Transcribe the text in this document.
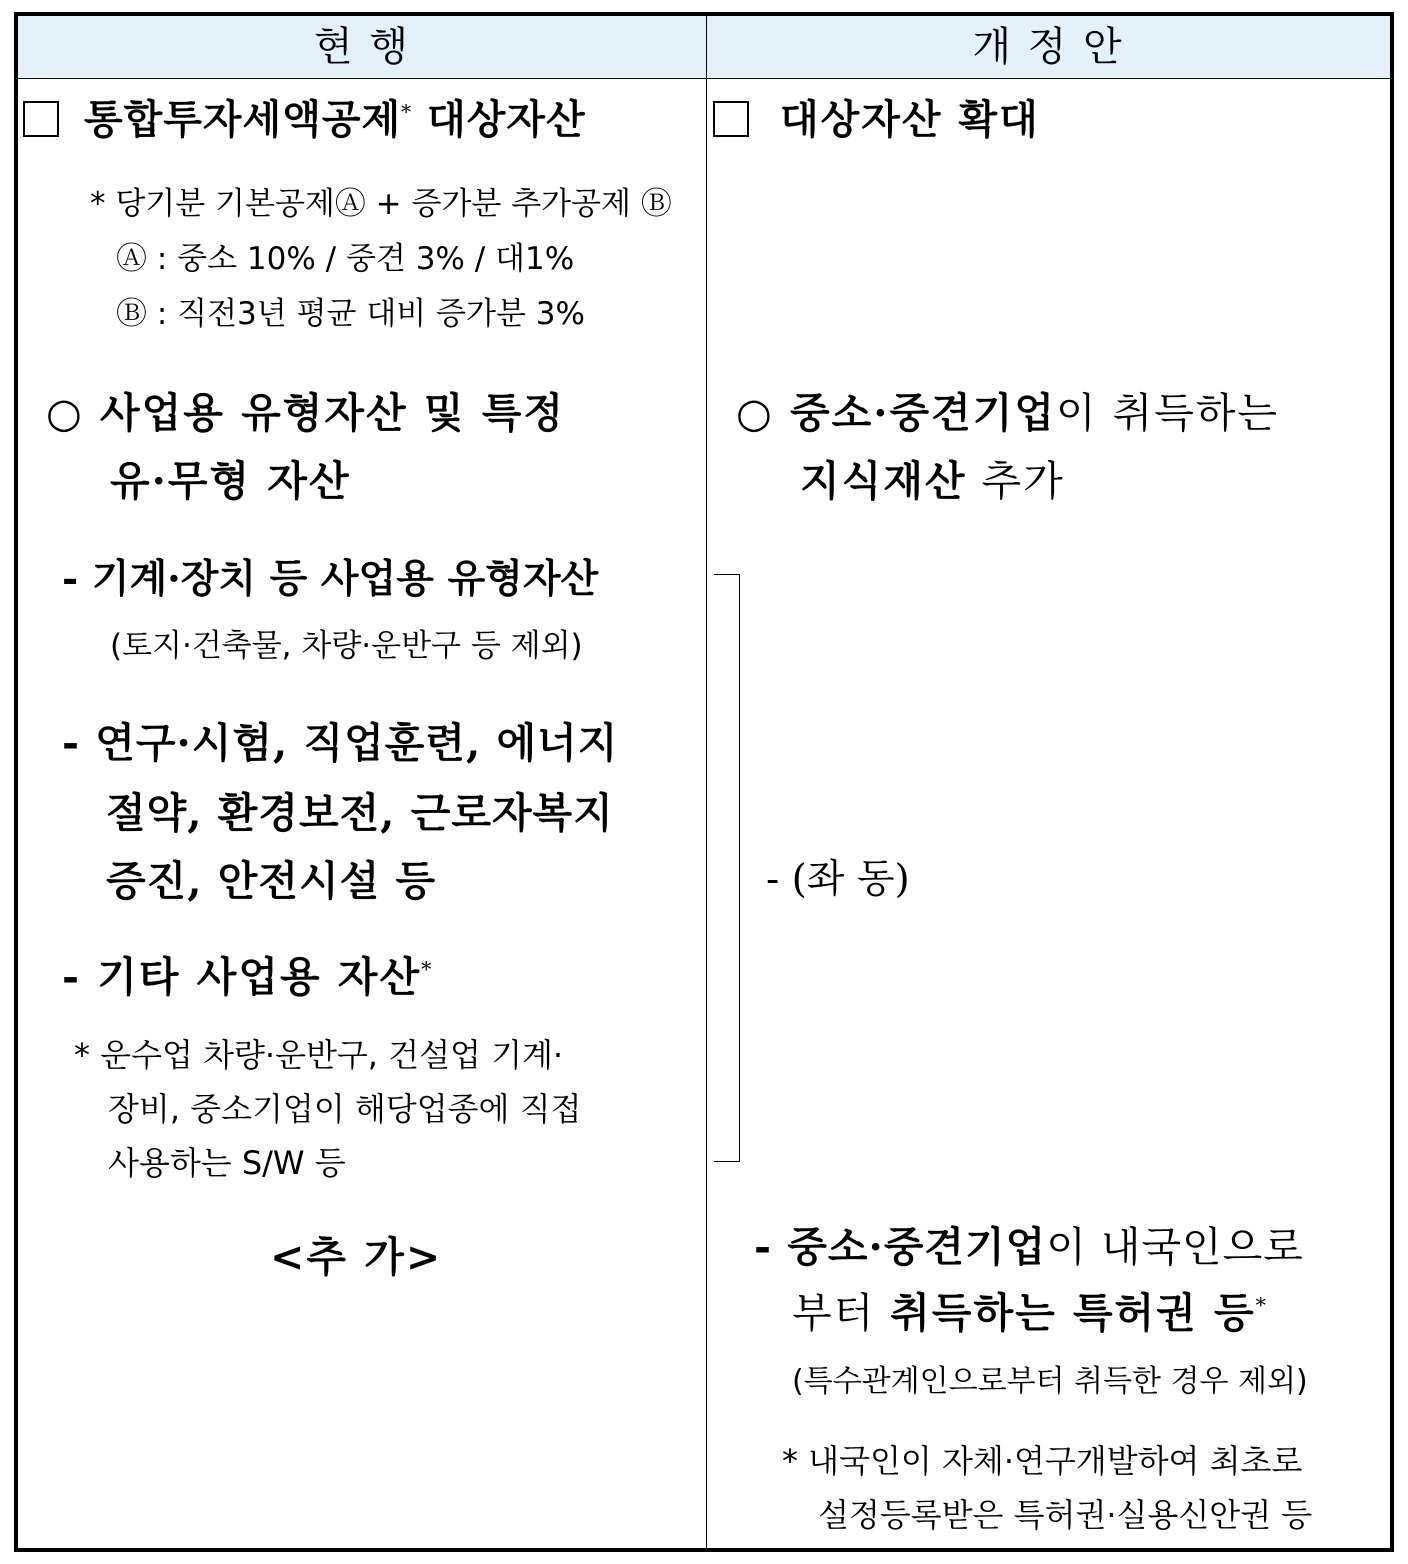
현 행	개 정 안
통합투자세액공제* 대상자산
* 당기분 기본공제Ⓐ + 증가분 추가공제 Ⓑ
Ⓐ : 중소 10% / 중견 3% / 대1%
Ⓑ : 직전3년 평균 대비 증가분 3%
○ 사업용 유형자산 및 특정
유·무형 자산
- 기계·장치 등 사업용 유형자산
(토지·건축물, 차량·운반구 등 제외)
- 연구·시험, 직업훈련, 에너지
절약, 환경보전, 근로자복지
증진, 안전시설 등
- 기타 사업용 자산*
* 운수업 차량·운반구, 건설업 기계·
장비, 중소기업이 해당업종에 직접
사용하는 S/W 등
<추 가>
대상자산 확대
○ 중소·중견기업이 취득하는
지식재산 추가
- (좌 동)
- 중소·중견기업이 내국인으로
부터 취득하는 특허권 등*
(특수관계인으로부터 취득한 경우 제외)
* 내국인이 자체·연구개발하여 최초로
설정등록받은 특허권·실용신안권 등
